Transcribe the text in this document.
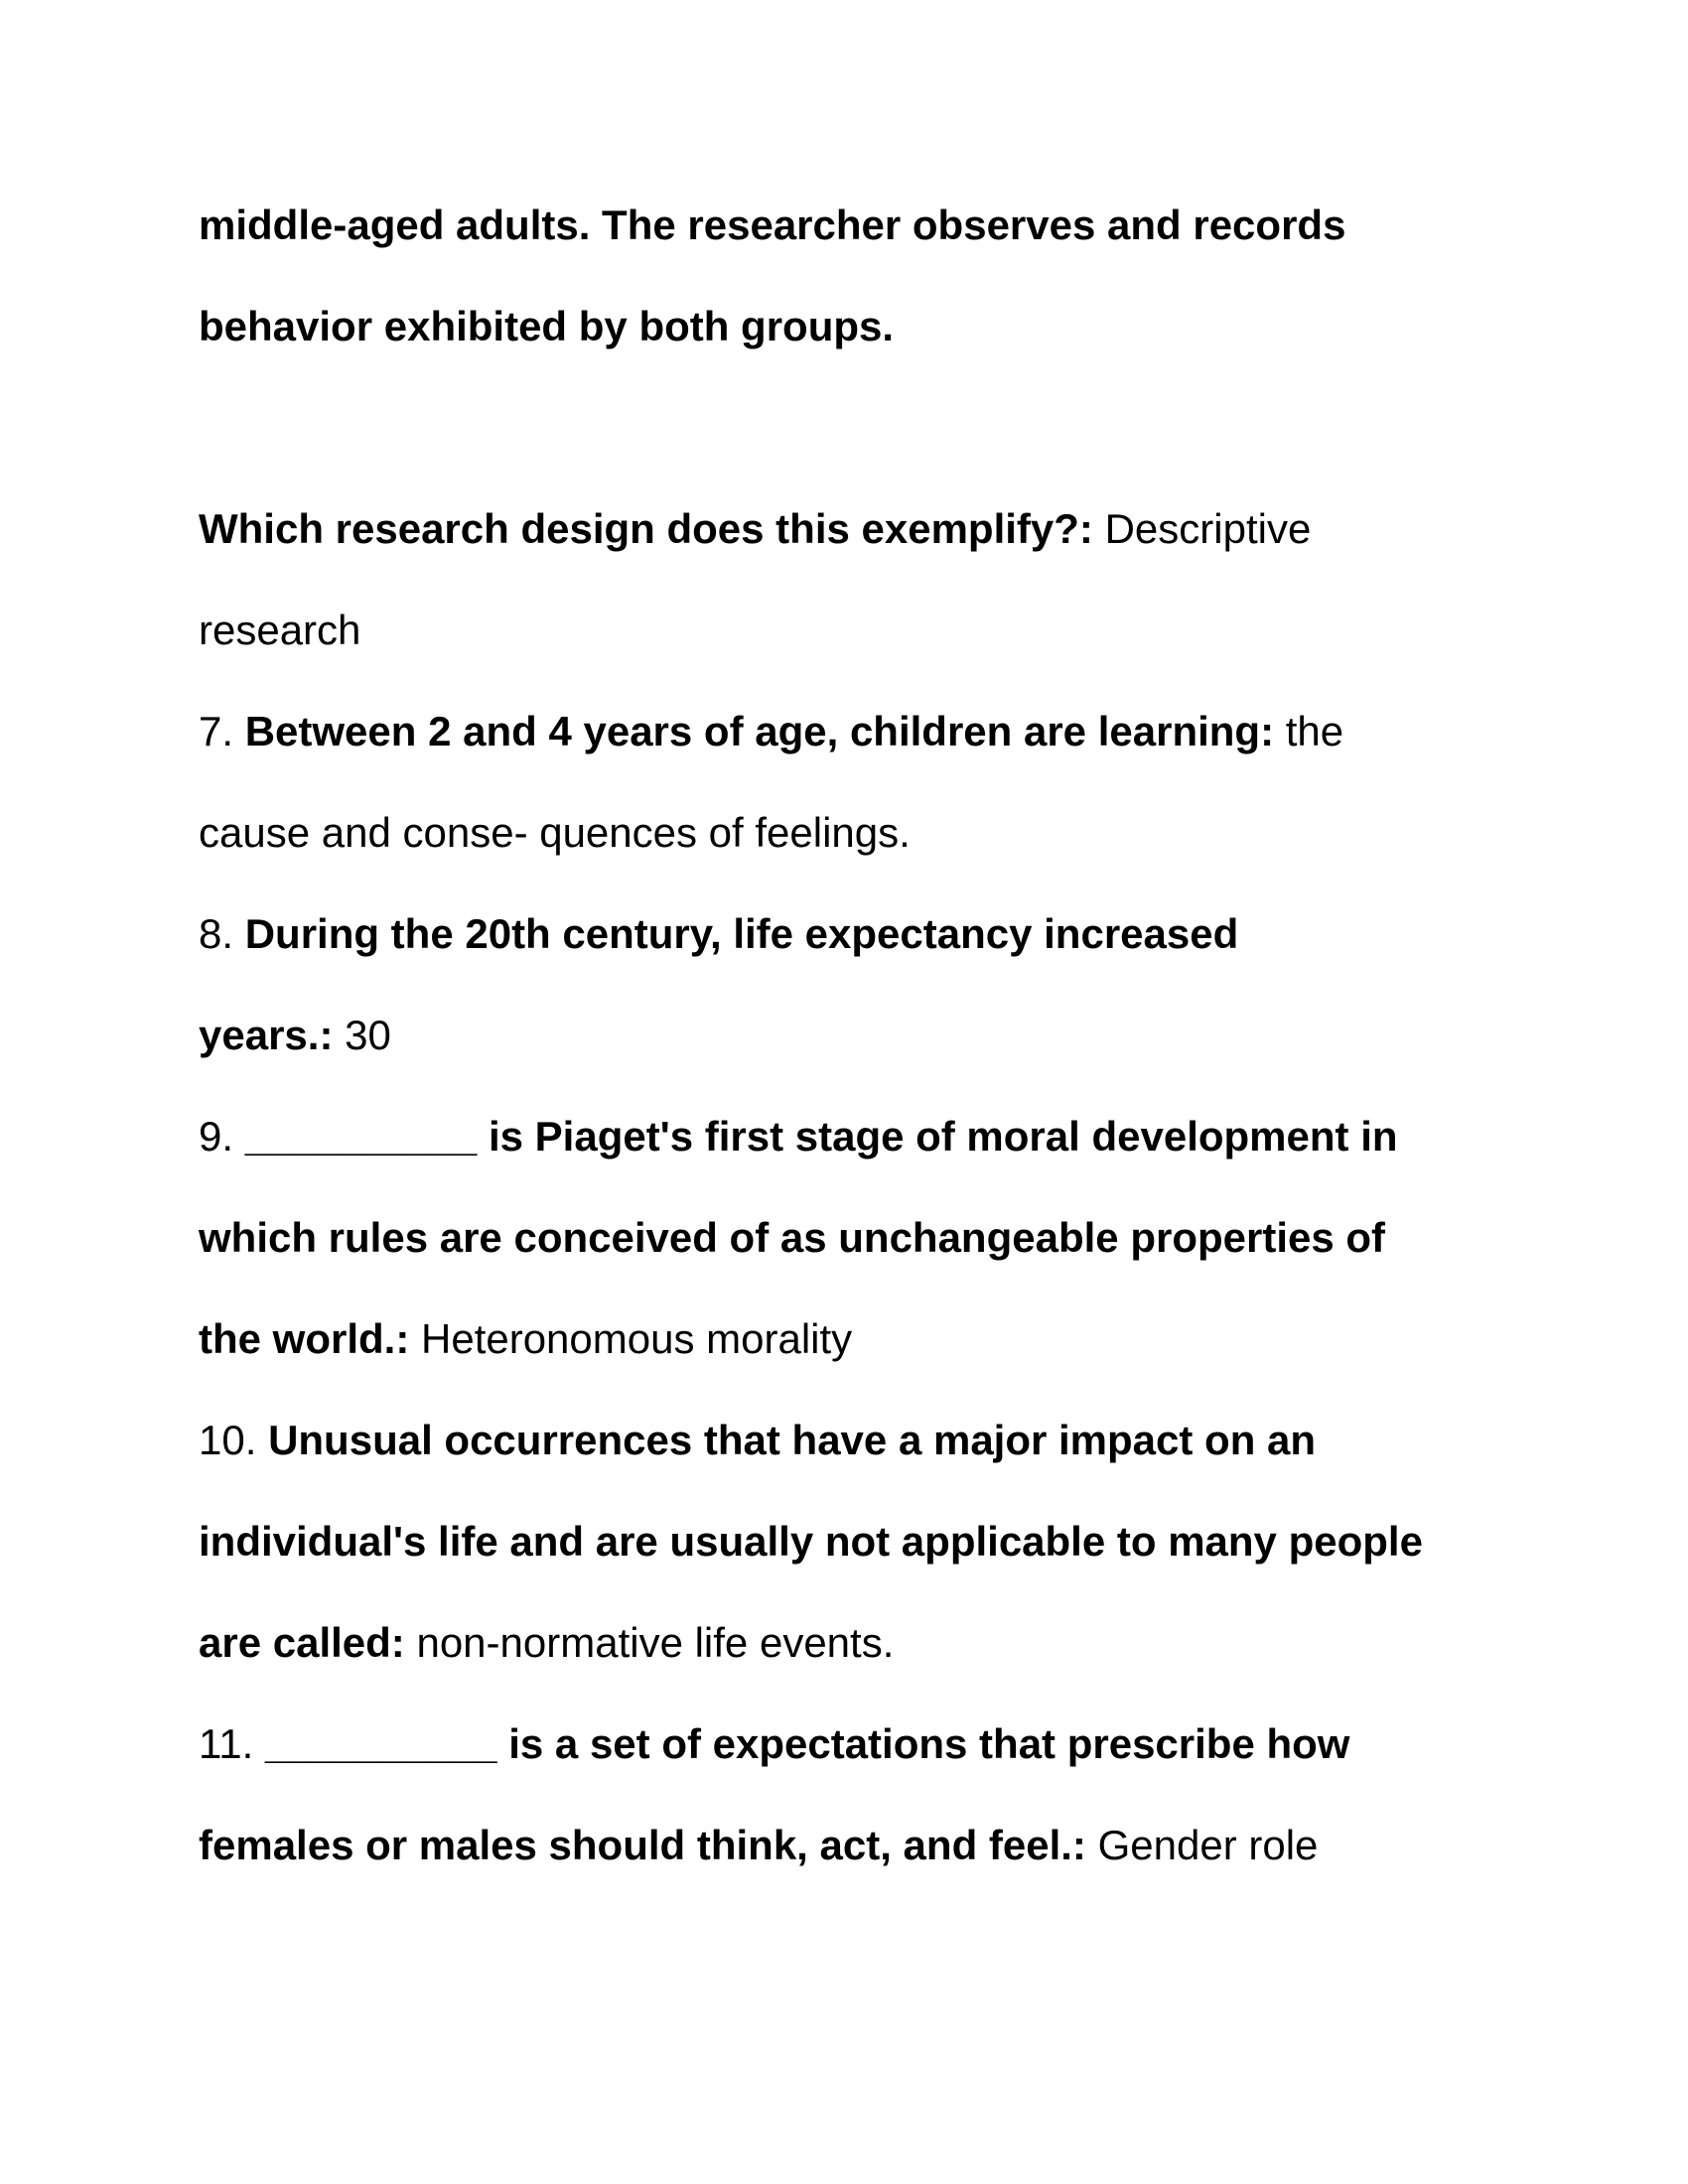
middle-aged adults. The researcher observes and records
behavior exhibited by both groups.
Which research design does this exemplify?: Descriptive
research
7. Between 2 and 4 years of age, children are learning: the
cause and conse- quences of feelings.
8. During the 20th century, life expectancy increased
years.: 30
9. __________ is Piaget's first stage of moral development in
which rules are conceived of as unchangeable properties of
the world.: Heteronomous morality
10. Unusual occurrences that have a major impact on an
individual's life and are usually not applicable to many people
are called: non-normative life events.
11. __________ is a set of expectations that prescribe how
females or males should think, act, and feel.: Gender role
